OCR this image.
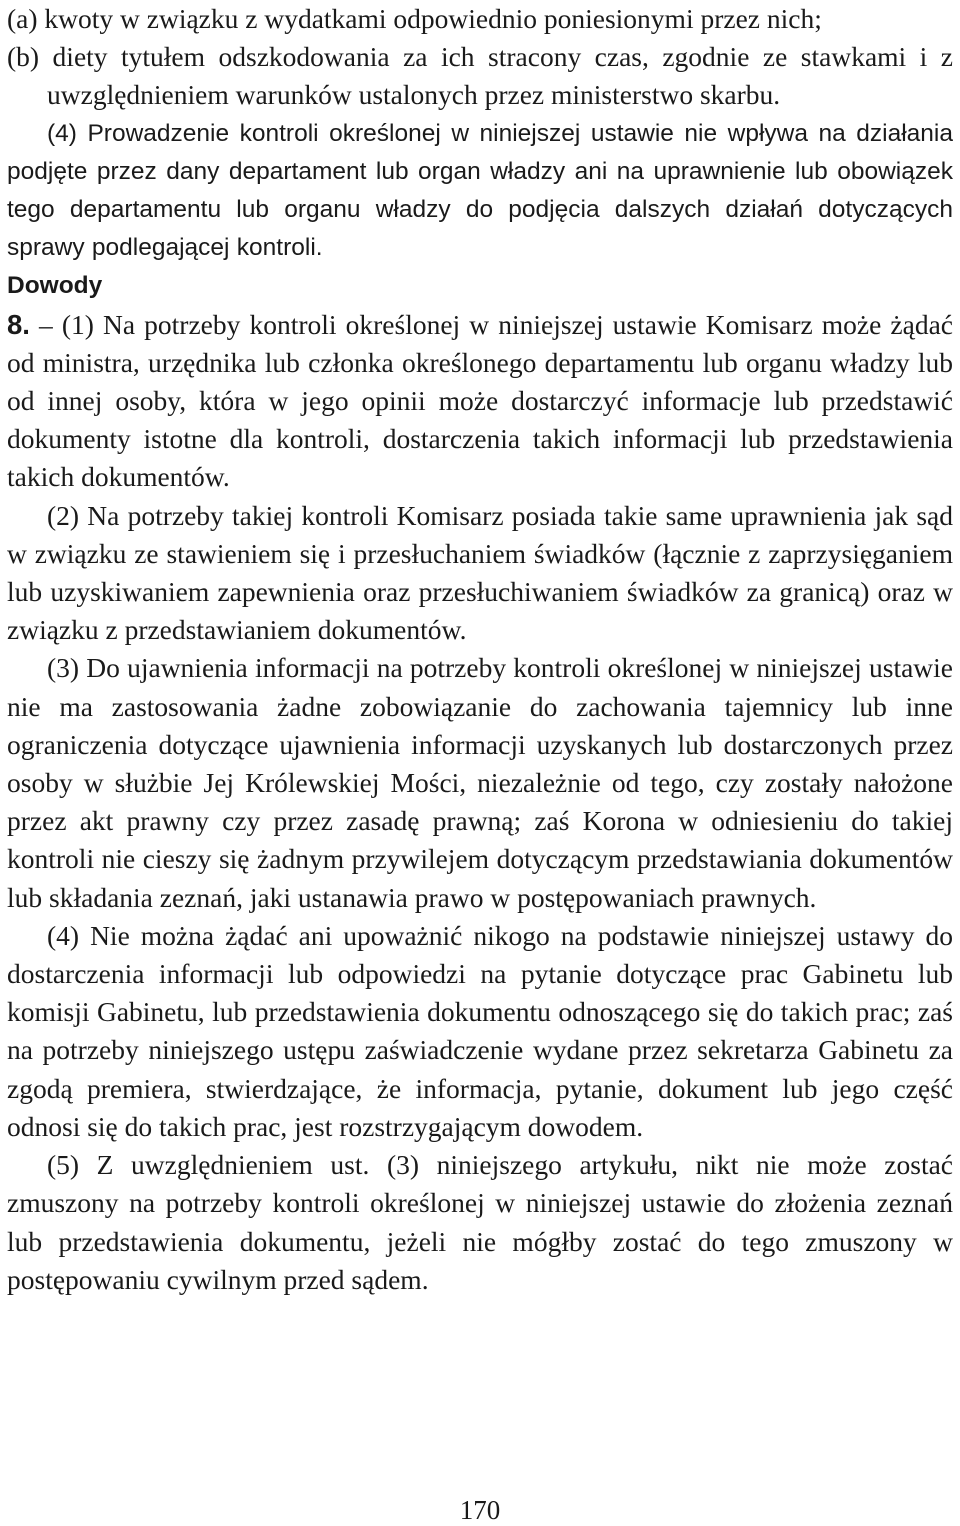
(a) kwoty w związku z wydatkami odpowiednio poniesionymi przez nich;

(b) diety tytułem odszkodowania za ich stracony czas, zgodnie ze stawkami i z uwzględnieniem warunków ustalonych przez ministerstwo skarbu.

(4) Prowadzenie kontroli określonej w niniejszej ustawie nie wpływa na działania podjęte przez dany departament lub organ władzy ani na uprawnienie lub obowiązek tego departamentu lub organu władzy do podjęcia dalszych działań dotyczących sprawy podlegającej kontroli.

Dowody

8. – (1) Na potrzeby kontroli określonej w niniejszej ustawie Komisarz może żądać od ministra, urzędnika lub członka określonego departamentu lub organu władzy lub od innej osoby, która w jego opinii może dostarczyć informacje lub przedstawić dokumenty istotne dla kontroli, dostarczenia takich informacji lub przedstawienia takich dokumentów.

(2) Na potrzeby takiej kontroli Komisarz posiada takie same uprawnienia jak sąd w związku ze stawieniem się i przesłuchaniem świadków (łącznie z zaprzysięganiem lub uzyskiwaniem zapewnienia oraz przesłuchiwaniem świadków za granicą) oraz w związku z przedstawianiem dokumentów.

(3) Do ujawnienia informacji na potrzeby kontroli określonej w niniejszej ustawie nie ma zastosowania żadne zobowiązanie do zachowania tajemnicy lub inne ograniczenia dotyczące ujawnienia informacji uzyskanych lub dostarczonych przez osoby w służbie Jej Królewskiej Mości, niezależnie od tego, czy zostały nałożone przez akt prawny czy przez zasadę prawną; zaś Korona w odniesieniu do takiej kontroli nie cieszy się żadnym przywilejem dotyczącym przedstawiania dokumentów lub składania zeznań, jaki ustanawia prawo w postępowaniach prawnych.

(4) Nie można żądać ani upoważnić nikogo na podstawie niniejszej ustawy do dostarczenia informacji lub odpowiedzi na pytanie dotyczące prac Gabinetu lub komisji Gabinetu, lub przedstawienia dokumentu odnoszącego się do takich prac; zaś na potrzeby niniejszego ustępu zaświadczenie wydane przez sekretarza Gabinetu za zgodą premiera, stwierdzające, że informacja, pytanie, dokument lub jego część odnosi się do takich prac, jest rozstrzygającym dowodem.

(5) Z uwzględnieniem ust. (3) niniejszego artykułu, nikt nie może zostać zmuszony na potrzeby kontroli określonej w niniejszej ustawie do złożenia zeznań lub przedstawienia dokumentu, jeżeli nie mógłby zostać do tego zmuszony w postępowaniu cywilnym przed sądem.

170
